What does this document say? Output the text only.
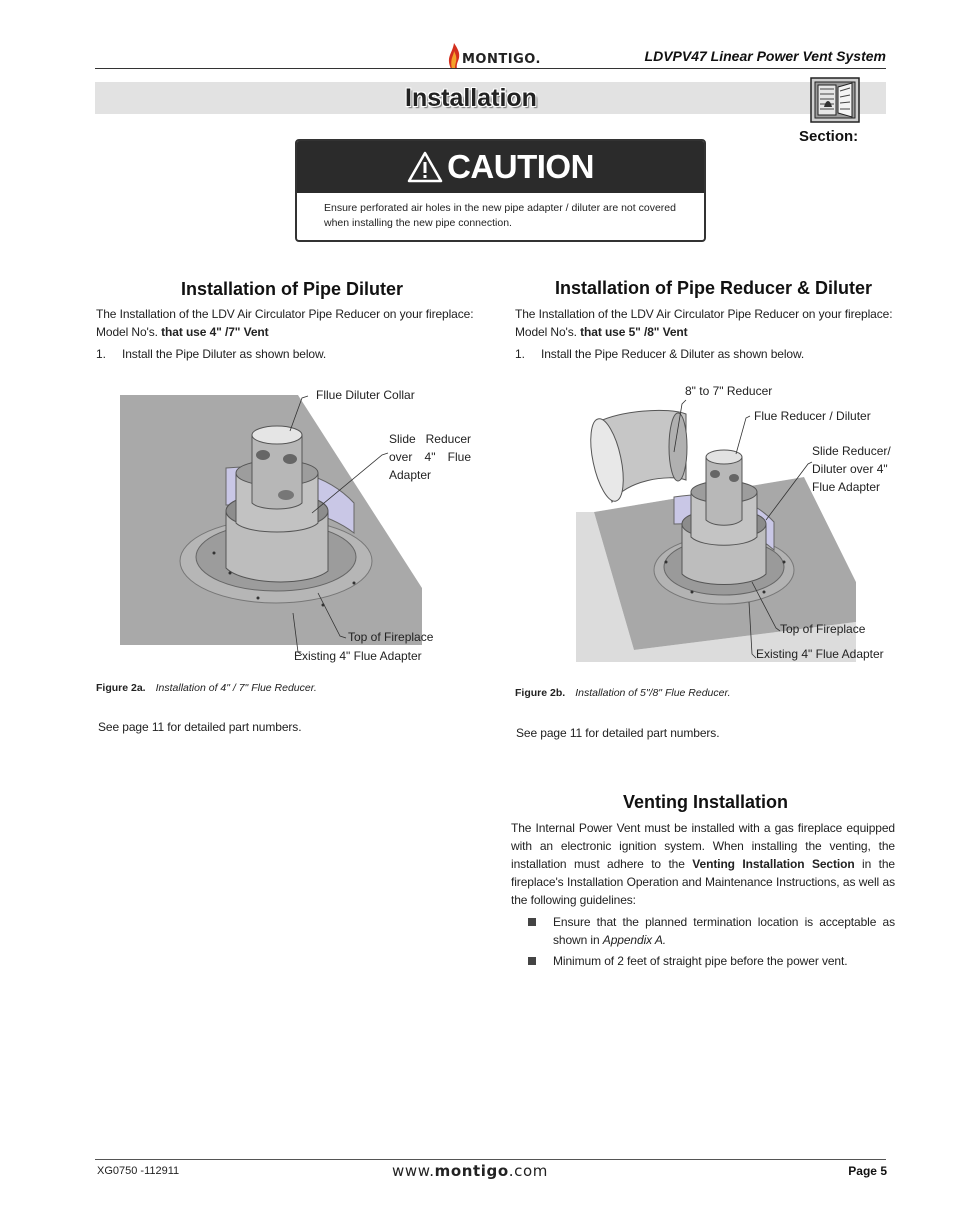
MONTIGO.	LDVPV47 Linear Power Vent System
Installation
Section:
CAUTION
Ensure perforated air holes in the new pipe adapter / diluter are not covered when installing the new pipe connection.
Installation of Pipe Diluter
The Installation of the LDV Air Circulator Pipe Reducer on your fireplace:
Model No's. that use 4" /7" Vent
1. Install the Pipe Diluter as shown below.
Fllue Diluter Collar
Slide Reducer
over 4" Flue
Adapter
Top of Fireplace
Existing 4" Flue Adapter
Figure 2a. Installation of 4" / 7" Flue Reducer.
See page 11 for detailed part numbers.
Installation of Pipe Reducer & Diluter
The Installation of the LDV Air Circulator Pipe Reducer on your fireplace:
Model No's. that use 5" /8" Vent
1. Install the Pipe Reducer & Diluter as shown below.
8" to 7" Reducer
Flue Reducer / Diluter
Slide Reducer/
Diluter over 4"
Flue Adapter
Top of Fireplace
Existing 4" Flue Adapter
Figure 2b. Installation of 5"/8" Flue Reducer.
See page 11 for detailed part numbers.
Venting Installation
The Internal Power Vent must be installed with a gas fireplace equipped with an electronic ignition system. When installing the venting, the installation must adhere to the Venting Installation Section in the fireplace's Installation Operation and Maintenance Instructions, as well as the following guidelines:
Ensure that the planned termination location is acceptable as shown in Appendix A.
Minimum of 2 feet of straight pipe before the power vent.
XG0750 -112911	www.montigo.com	Page 5
